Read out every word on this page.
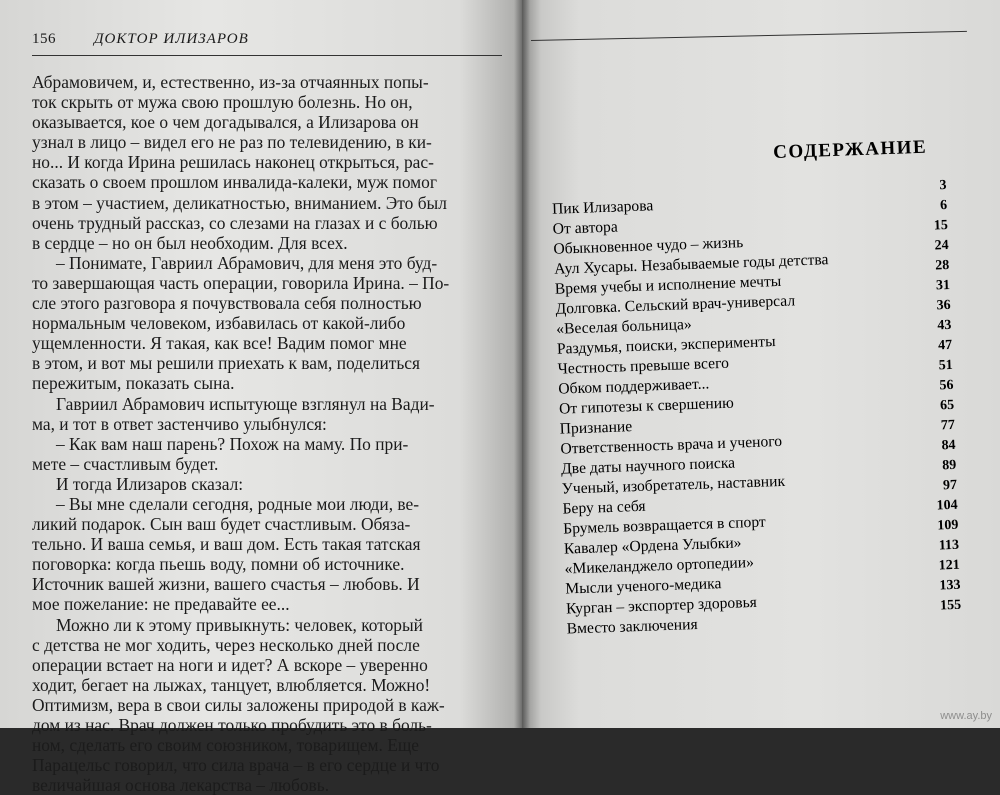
156	ДОКТОР ИЛИЗАРОВ
Абрамовичем, и, естественно, из-за отчаянных попы-
ток скрыть от мужа свою прошлую болезнь. Но он,
оказывается, кое о чем догадывался, а Илизарова он
узнал в лицо – видел его не раз по телевидению, в ки-
но... И когда Ирина решилась наконец открыться, рас-
сказать о своем прошлом инвалида-калеки, муж помог
в этом – участием, деликатностью, вниманием. Это был
очень трудный рассказ, со слезами на глазах и с болью
в сердце – но он был необходим. Для всех.
– Понимате, Гавриил Абрамович, для меня это буд-
то завершающая часть операции, говорила Ирина. – По-
сле этого разговора я почувствовала себя полностью
нормальным человеком, избавилась от какой-либо
ущемленности. Я такая, как все! Вадим помог мне
в этом, и вот мы решили приехать к вам, поделиться
пережитым, показать сына.
Гавриил Абрамович испытующе взглянул на Вади-
ма, и тот в ответ застенчиво улыбнулся:
– Как вам наш парень? Похож на маму. По при-
мете – счастливым будет.
И тогда Илизаров сказал:
– Вы мне сделали сегодня, родные мои люди, ве-
ликий подарок. Сын ваш будет счастливым. Обяза-
тельно. И ваша семья, и ваш дом. Есть такая татская
поговорка: когда пьешь воду, помни об источнике.
Источник вашей жизни, вашего счастья – любовь. И
мое пожелание: не предавайте ее...
Можно ли к этому привыкнуть: человек, который
с детства не мог ходить, через несколько дней после
операции встает на ноги и идет? А вскоре – уверенно
ходит, бегает на лыжах, танцует, влюбляется. Можно!
Оптимизм, вера в свои силы заложены природой в каж-
дом из нас. Врач должен только пробудить это в боль-
ном, сделать его своим союзником, товарищем. Еще
Парацельс говорил, что сила врача – в его сердце и что
величайшая основа лекарства – любовь.
СОДЕРЖАНИЕ
Пик Илизарова
3
От автора
6
Обыкновенное чудо – жизнь
15
Аул Хусары. Незабываемые годы детства
24
Время учебы и исполнение мечты
28
Долговка. Сельский врач-универсал
31
«Веселая больница»
36
Раздумья, поиски, эксперименты
43
Честность превыше всего
47
Обком поддерживает...
51
От гипотезы к свершению
56
Признание
65
Ответственность врача и ученого
77
Две даты научного поиска
84
Ученый, изобретатель, наставник
89
Беру на себя
97
Брумель возвращается в спорт
104
Кавалер «Ордена Улыбки»
109
«Микеланджело ортопедии»
113
Мысли ученого-медика
121
Курган – экспортер здоровья
133
Вместо заключения
155
www.ay.by
